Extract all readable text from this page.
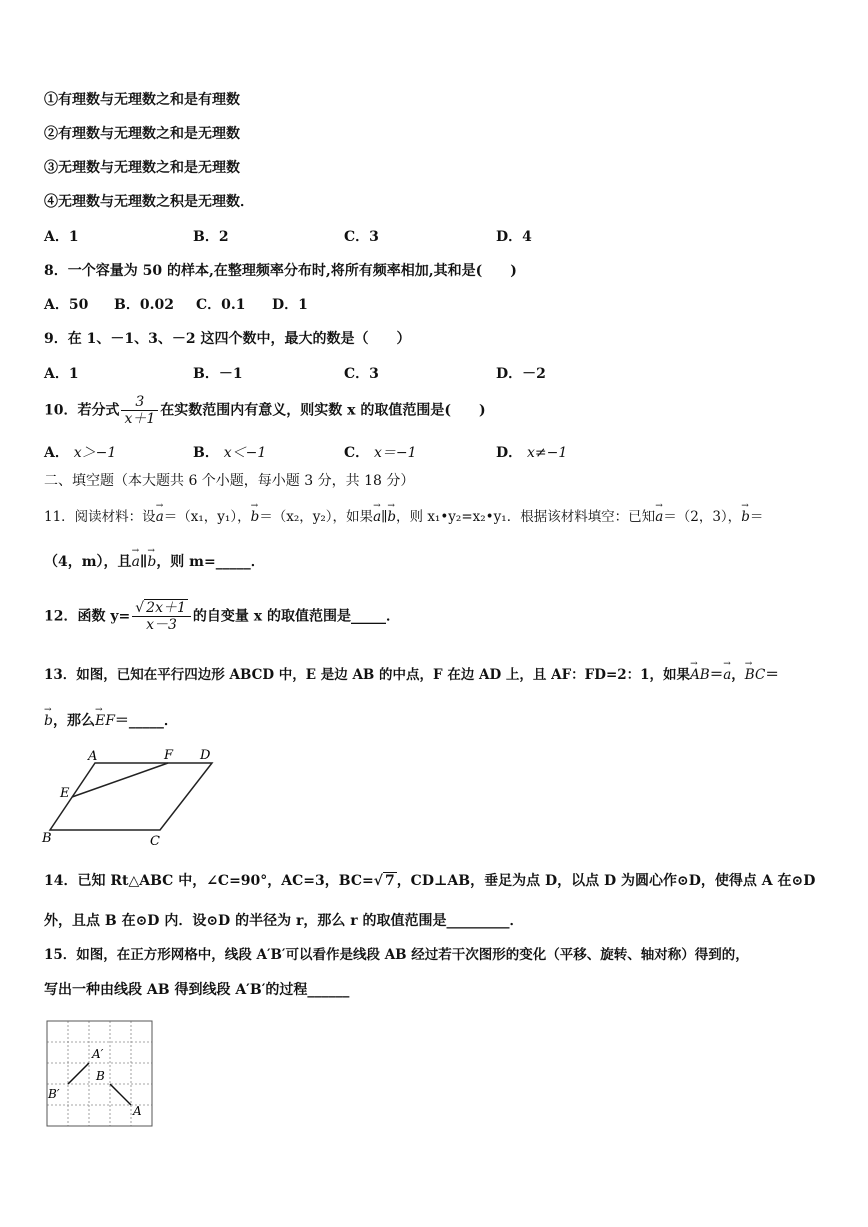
①有理数与无理数之和是有理数
②有理数与无理数之和是无理数
③无理数与无理数之和是无理数
④无理数与无理数之积是无理数．
A．1	B．2	C．3	D．4
8．一个容量为 50 的样本,在整理频率分布时,将所有频率相加,其和是(　　)
A．50 B．0.02 C．0.1 D．1
9．在 1、－1、3、－2 这四个数中，最大的数是（　　）
A．1	B．－1	C．3	D．－2
10．若分式 $\frac{3}{x+1}$ 在实数范围内有意义，则实数 x 的取值范围是(　　)
A． x＞−1	B． x＜−1	C． x＝−1	D． x≠−1
二、填空题（本大题共 6 个小题，每小题 3 分，共 18 分）
11．阅读材料：设→ a＝（x₁，y₁），→ b＝（x₂，y₂），如果→ a∥→ b，则 x₁•y₂=x₂•y₁．根据该材料填空：已知→ a＝（2，3），→ b＝
（4，m），且→ a∥→ b，则 m=_____．
12．函数 $y= \frac{√ 2x+1}{x-3}$ 的自变量 x 的取值范围是_____．
13．如图，已知在平行四边形 ABCD 中，E 是边 AB 的中点，F 在边 AD 上，且 AF：FD=2：1，如果→ AB＝→ a，→ BC＝
→ b，那么→ EF＝_____．
A	F D
E
B	C
14．已知 Rt△ABC 中，∠C=90°，AC=3，BC=√ 7 ，CD⊥AB，垂足为点 D，以点 D 为圆心作⊙D，使得点 A 在⊙D
外，且点 B 在⊙D 内．设⊙D 的半径为 r，那么 r 的取值范围是_________．
15．如图，在正方形网格中，线段 A′B′可以看作是线段 AB 经过若干次图形的变化（平移、旋转、轴对称）得到的，
写出一种由线段 AB 得到线段 A′B′的过程______
A′
B
B′
A
